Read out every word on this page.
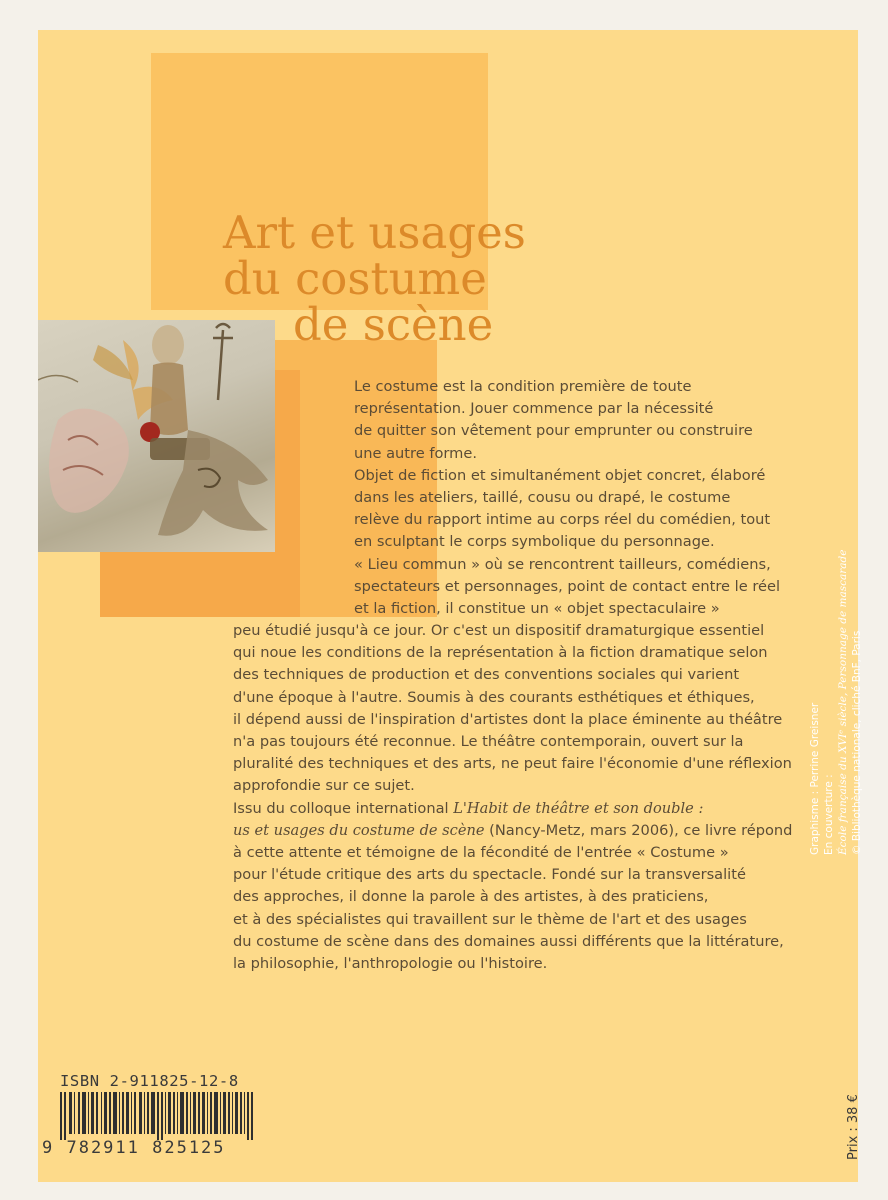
Art et usages
du costume
de scène
Le costume est la condition première de toute
représentation. Jouer commence par la nécessité
de quitter son vêtement pour emprunter ou construire
une autre forme.
Objet de fiction et simultanément objet concret, élaboré
dans les ateliers, taillé, cousu ou drapé, le costume
relève du rapport intime au corps réel du comédien, tout
en sculptant le corps symbolique du personnage.
« Lieu commun » où se rencontrent tailleurs, comédiens,
spectateurs et personnages, point de contact entre le réel
et la fiction, il constitue un « objet spectaculaire »
peu étudié jusqu'à ce jour. Or c'est un dispositif dramaturgique essentiel
qui noue les conditions de la représentation à la fiction dramatique selon
des techniques de production et des conventions sociales qui varient
d'une époque à l'autre. Soumis à des courants esthétiques et éthiques,
il dépend aussi de l'inspiration d'artistes dont la place éminente au théâtre
n'a pas toujours été reconnue. Le théâtre contemporain, ouvert sur la
pluralité des techniques et des arts, ne peut faire l'économie d'une réflexion
approfondie sur ce sujet.
Issu du colloque international L'Habit de théâtre et son double :
us et usages du costume de scène (Nancy-Metz, mars 2006), ce livre répond
à cette attente et témoigne de la fécondité de l'entrée « Costume »
pour l'étude critique des arts du spectacle. Fondé sur la transversalité
des approches, il donne la parole à des artistes, à des praticiens,
et à des spécialistes qui travaillent sur le thème de l'art et des usages
du costume de scène dans des domaines aussi différents que la littérature,
la philosophie, l'anthropologie ou l'histoire.
Graphisme : Perrine Greisner En couverture : École française du XVIᵉ siècle, Personnage de mascarade © Bibliothèque nationale, cliché BnF, Paris
Prix : 38 €
ISBN 2-911825-12-8
9 782911 825125
